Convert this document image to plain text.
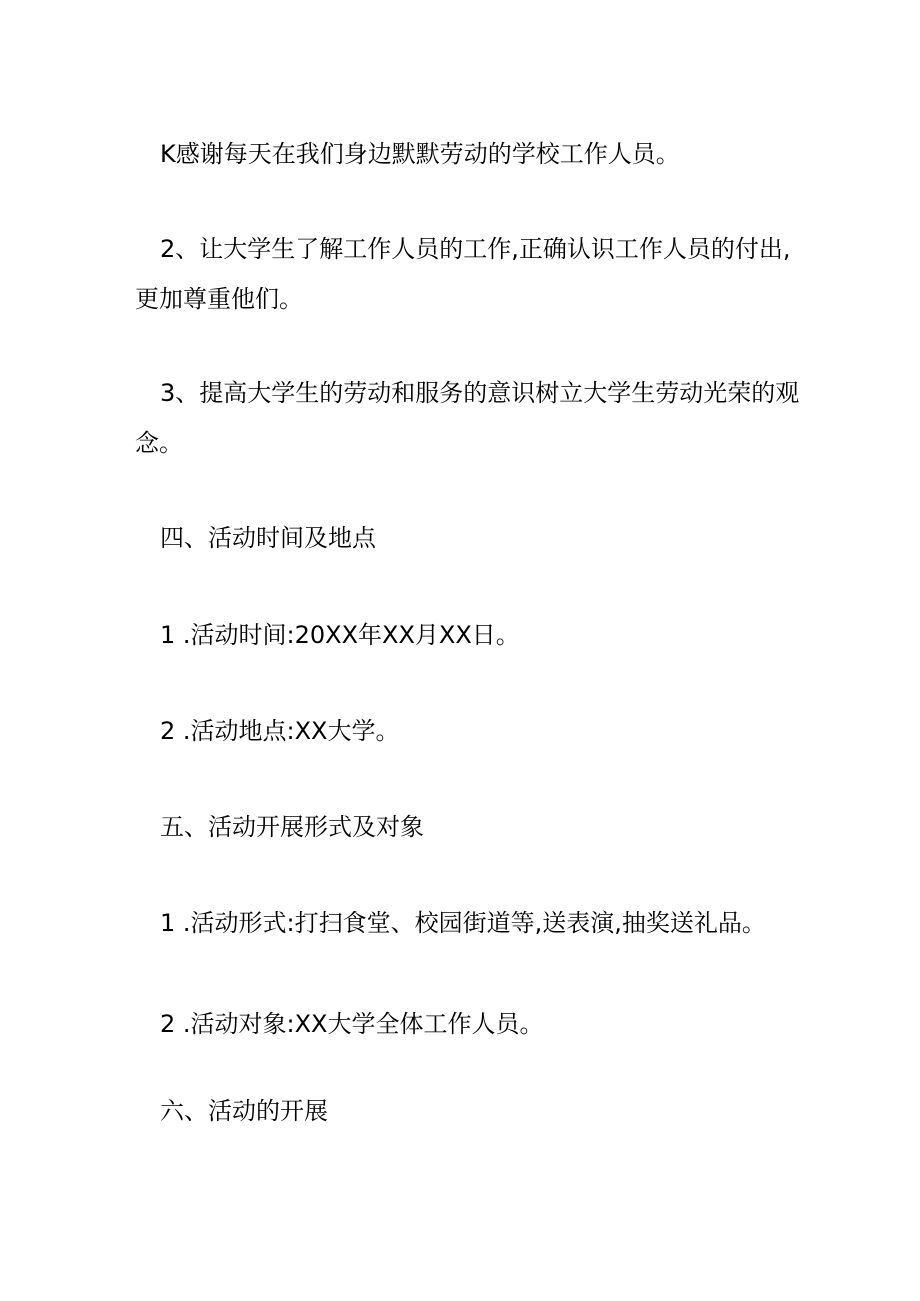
K感谢每天在我们身边默默劳动的学校工作人员。

2、让大学生了解工作人员的工作,正确认识工作人员的付出,

更加尊重他们。

3、提高大学生的劳动和服务的意识树立大学生劳动光荣的观

念。

四、活动时间及地点

1 .活动时间:20XX年XX月XX日。

2 .活动地点:XX大学。

五、活动开展形式及对象

1 .活动形式:打扫食堂、校园街道等,送表演,抽奖送礼品。

2 .活动对象:XX大学全体工作人员。

六、活动的开展
